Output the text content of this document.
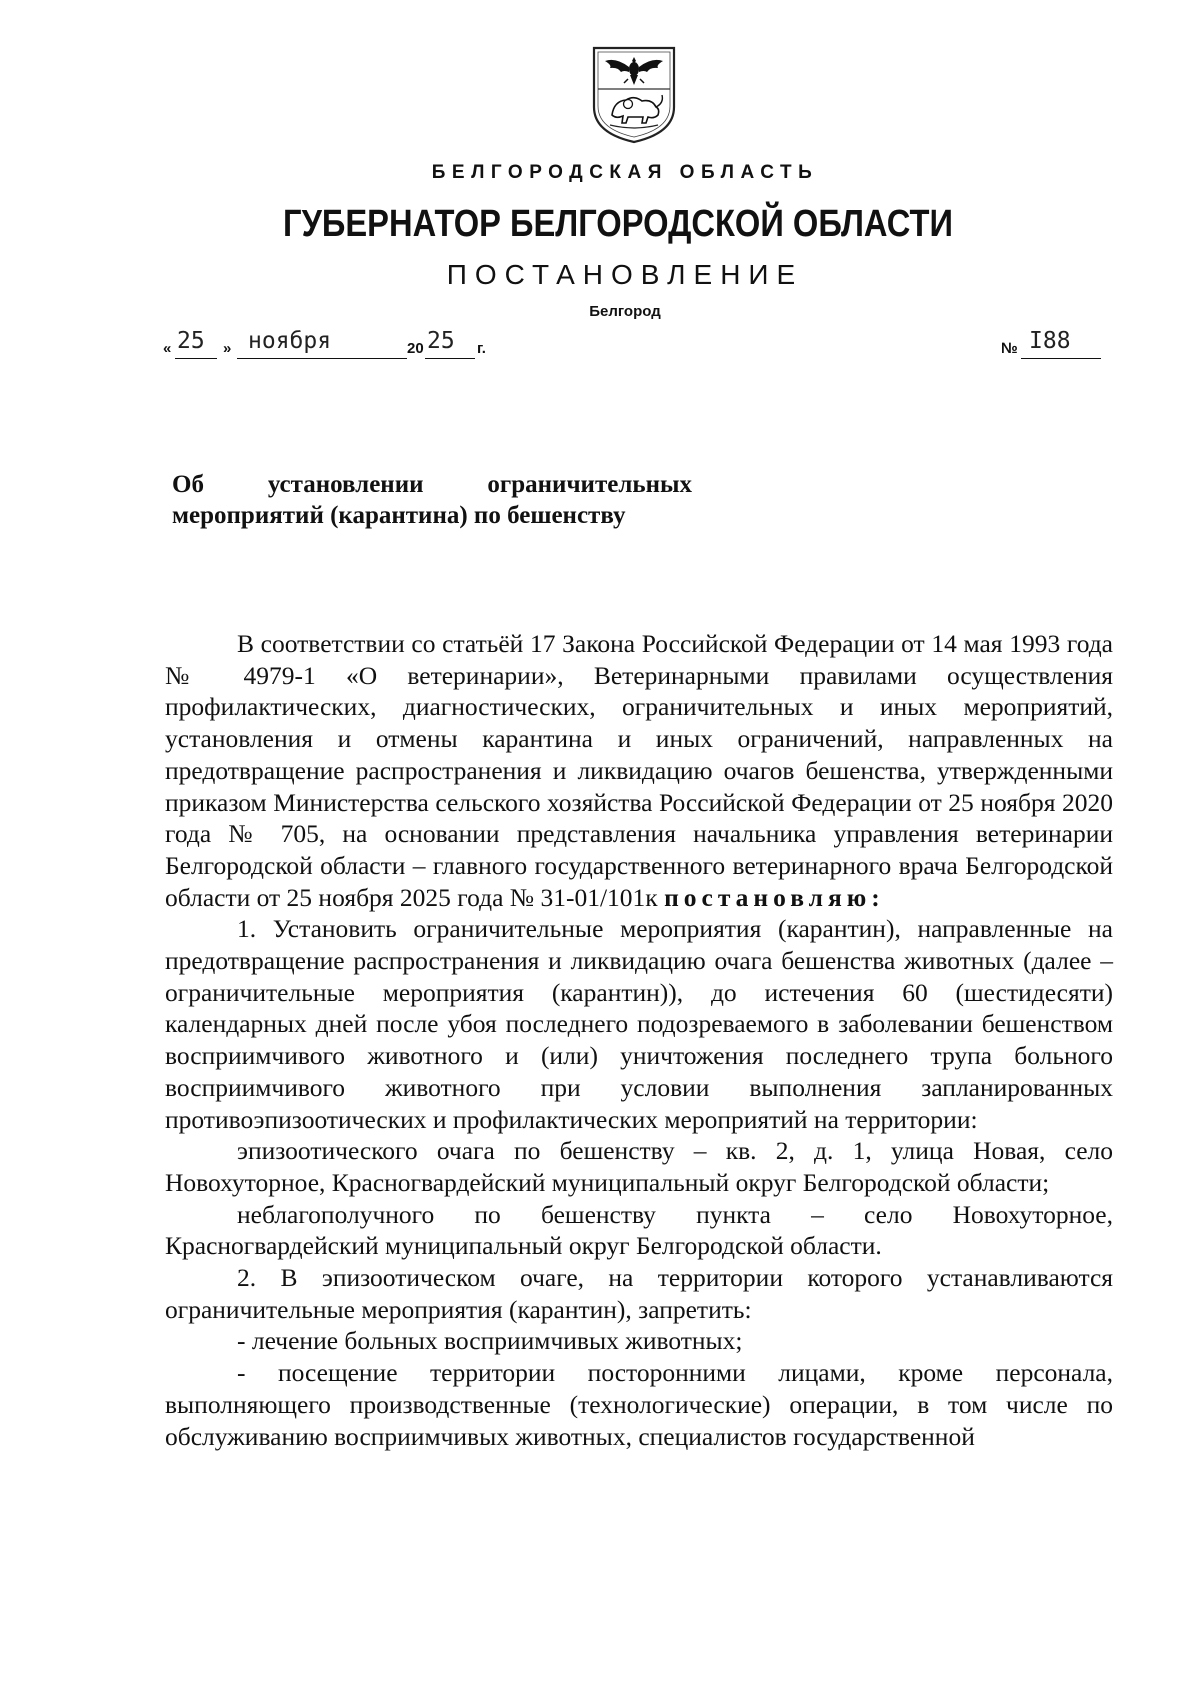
БЕЛГОРОДСКАЯ ОБЛАСТЬ
ГУБЕРНАТОР БЕЛГОРОДСКОЙ ОБЛАСТИ
ПОСТАНОВЛЕНИЕ
Белгород
« 25 » ноября	20 25 г.	№ I88
Об установлении ограничительных
мероприятий (карантина) по бешенству

В соответствии со статьёй 17 Закона Российской Федерации от 14 мая 1993 года № 4979-1 «О ветеринарии», Ветеринарными правилами осуществления профилактических, диагностических, ограничительных и иных мероприятий, установления и отмены карантина и иных ограничений, направленных на предотвращение распространения и ликвидацию очагов бешенства, утвержденными приказом Министерства сельского хозяйства Российской Федерации от 25 ноября 2020 года № 705, на основании представления начальника управления ветеринарии Белгородской области – главного государственного ветеринарного врача Белгородской области от 25 ноября 2025 года № 31-01/101к постановляю:

1. Установить ограничительные мероприятия (карантин), направленные на предотвращение распространения и ликвидацию очага бешенства животных (далее – ограничительные мероприятия (карантин)), до истечения 60 (шестидесяти) календарных дней после убоя последнего подозреваемого в заболевании бешенством восприимчивого животного и (или) уничтожения последнего трупа больного восприимчивого животного при условии выполнения запланированных противоэпизоотических и профилактических мероприятий на территории:

эпизоотического очага по бешенству – кв. 2, д. 1, улица Новая, село Новохуторное, Красногвардейский муниципальный округ Белгородской области;

неблагополучного по бешенству пункта – село Новохуторное, Красногвардейский муниципальный округ Белгородской области.

2. В эпизоотическом очаге, на территории которого устанавливаются ограничительные мероприятия (карантин), запретить:

- лечение больных восприимчивых животных;

- посещение территории посторонними лицами, кроме персонала, выполняющего производственные (технологические) операции, в том числе по обслуживанию восприимчивых животных, специалистов государственной
